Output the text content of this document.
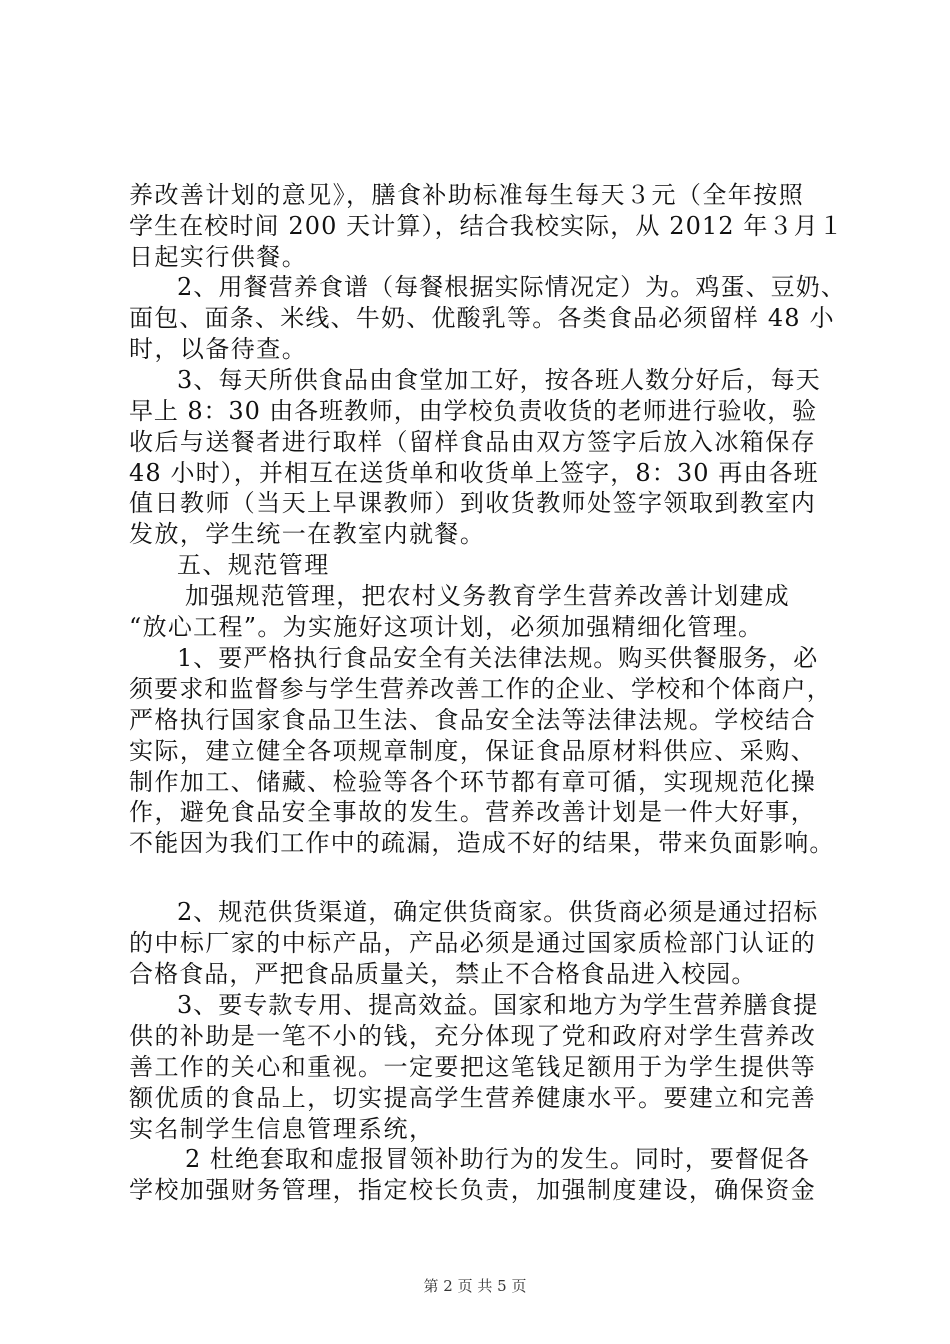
养改善计划的意见》，膳食补助标准每生每天３元（全年按照
学生在校时间 200 天计算），结合我校实际，从 2012 年３月１
日起实行供餐。
2、用餐营养食谱（每餐根据实际情况定）为。鸡蛋、豆奶、
面包、面条、米线、牛奶、优酸乳等。各类食品必须留样 48 小
时，以备待查。
3、每天所供食品由食堂加工好，按各班人数分好后，每天
早上 8：30 由各班教师，由学校负责收货的老师进行验收，验
收后与送餐者进行取样（留样食品由双方签字后放入冰箱保存
48 小时），并相互在送货单和收货单上签字，8：30 再由各班
值日教师（当天上早课教师）到收货教师处签字领取到教室内
发放，学生统一在教室内就餐。
五、规范管理
加强规范管理，把农村义务教育学生营养改善计划建成
“放心工程”。为实施好这项计划，必须加强精细化管理。
1、要严格执行食品安全有关法律法规。购买供餐服务，必
须要求和监督参与学生营养改善工作的企业、学校和个体商户，
严格执行国家食品卫生法、食品安全法等法律法规。学校结合
实际，建立健全各项规章制度，保证食品原材料供应、采购、
制作加工、储藏、检验等各个环节都有章可循，实现规范化操
作，避免食品安全事故的发生。营养改善计划是一件大好事，
不能因为我们工作中的疏漏，造成不好的结果，带来负面影响。
2、规范供货渠道，确定供货商家。供货商必须是通过招标
的中标厂家的中标产品，产品必须是通过国家质检部门认证的
合格食品，严把食品质量关，禁止不合格食品进入校园。
3、要专款专用、提高效益。国家和地方为学生营养膳食提
供的补助是一笔不小的钱，充分体现了党和政府对学生营养改
善工作的关心和重视。一定要把这笔钱足额用于为学生提供等
额优质的食品上，切实提高学生营养健康水平。要建立和完善
实名制学生信息管理系统，
2 杜绝套取和虚报冒领补助行为的发生。同时，要督促各
学校加强财务管理，指定校长负责，加强制度建设，确保资金
第 2 页 共 5 页
